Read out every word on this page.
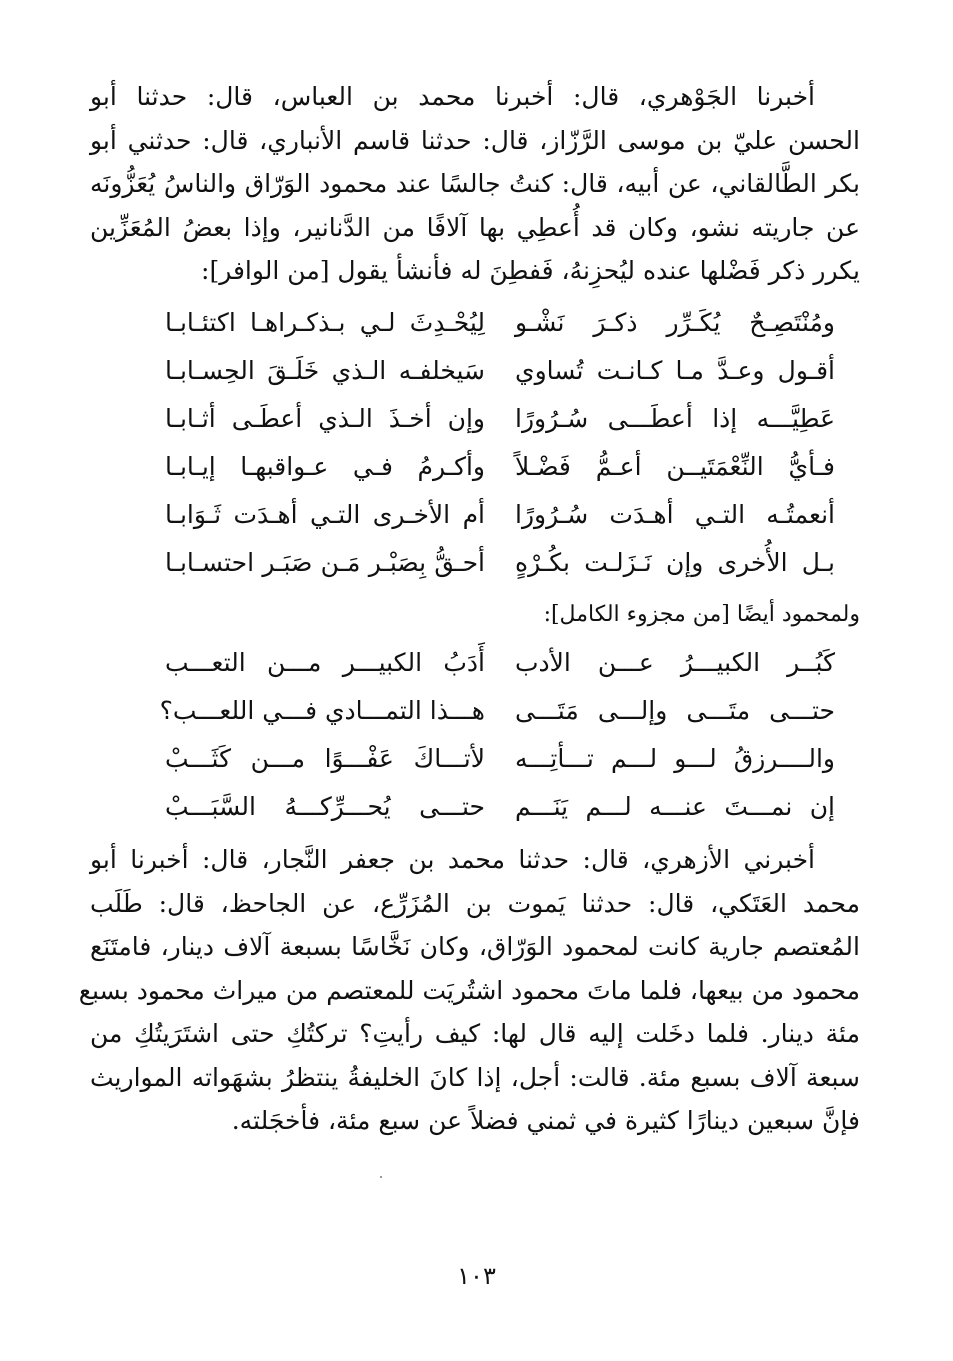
أخبرنا الجَوْهري، قال: أخبرنا محمد بن العباس، قال: حدثنا أبو
الحسن عليّ بن موسى الرَّزّاز، قال: حدثنا قاسم الأنباري، قال: حدثني أبو
بكر الطَّالقاني، عن أبيه، قال: كنتُ جالسًا عند محمود الوَرّاق والناسُ يُعَزُّونَه
عن جاريته نشو، وكان قد أُعطِي بها آلافًا من الدَّنانير، وإذا بعضُ المُعَزِّين
يكرر ذكر فَضْلها عنده ليُحزِنهُ، فَفطِنَ له فأنشأ يقول [من الوافر]:
ومُنْتَصِـحٌ يُكَـرِّر ذكـرَ نَشْـو
لِيُحْـدِثَ لـي بـذكـراهـا اكتئـابـا
أقـول وعـدَّ مـا كـانـت تُساوي
سَيخلفـه الـذي خَلَـقَ الحِسـابـا
عَطِيَّـــه إذا أعطَـــى سُـرُورًا
وإن أخـذَ الـذي أعطَـى أثـابـا
فـأيُّ النِّعْمَتَيــن أعـمُّ فَضْـلاً
وأكـرمُ فـي عـواقبهـا إيـابـا
أنعمتُـه التـي أهـدَت سُـرُورًا
أم الأخـرى التـي أهـدَت ثَـوَابـا
بـل الأُخرى وإن نَـزَلـت بكُـرْهٍ
أحـقُّ بِصَبْـر مَـن صَبَـر احتسـابـا
ولمحمود أيضًا [من مجزوء الكامل]:
كَبُــر الكبيـــرُ عـــن الأدب
أَدَبُ الكبيـــر مـــن التعـــب
حتـــى متَـــى وإلـــى مَتَـــى
هـــذا التمـــادي فـــي اللعـــب؟
والــــرزقُ لـــو لـــم تـــأتِـــه
لأتـــاكَ عَفْـــوًا مـــن كَثَـــبْ
إن نمـــتَ عنـــه لـــم يَنَـــم
حتـــى يُحـــرِّكـــهُ السَّبَـــبْ
أخبرني الأزهري، قال: حدثنا محمد بن جعفر النَّجار، قال: أخبرنا أبو
محمد العَتَكي، قال: حدثنا يَموت بن المُزَرِّع، عن الجاحظ، قال: طَلَب
المُعتصم جارية كانت لمحمود الوَرّاق، وكان نَخَّاسًا بسبعة آلاف دينار، فامتَنَع
محمود من بيعها، فلما ماتَ محمود اشتُريَت للمعتصم من ميراث محمود بسبع
مئة دينار. فلما دخَلت إليه قال لها: كيف رأيتِ؟ تركتُكِ حتى اشتَرَيتُكِ من
سبعة آلاف بسبع مئة. قالت: أجل، إذا كانَ الخليفةُ ينتظرُ بشهَواته المواريث
فإنَّ سبعين دينارًا كثيرة في ثمني فضلاً عن سبع مئة، فأخجَلته.
١٠٣
